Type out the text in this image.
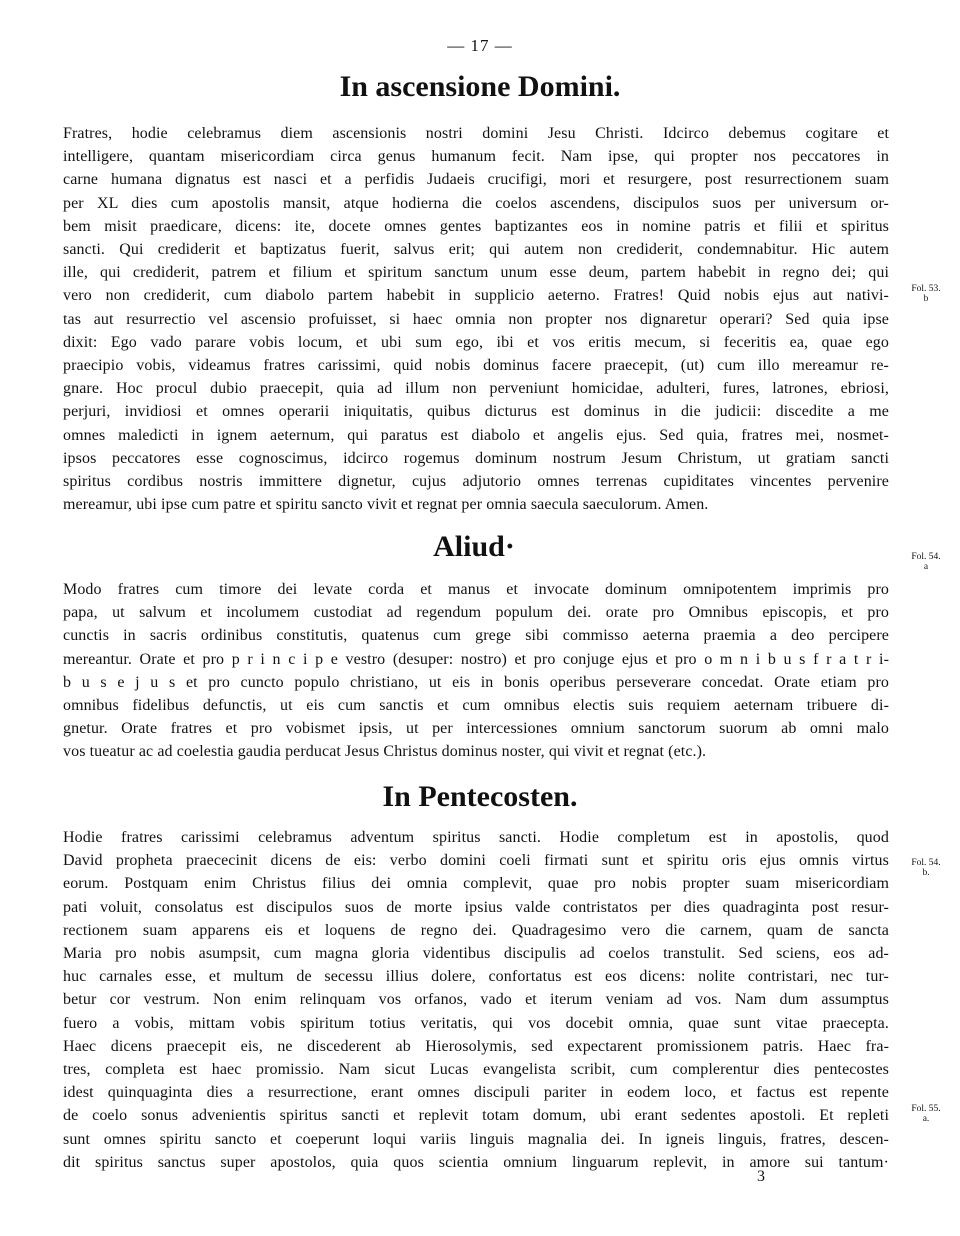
— 17 —
In ascensione Domini.
Fratres, hodie celebramus diem ascensionis nostri domini Jesu Christi. Idcirco debemus cogitare et
intelligere, quantam misericordiam circa genus humanum fecit. Nam ipse, qui propter nos peccatores in
carne humana dignatus est nasci et a perfidis Judaeis crucifigi, mori et resurgere, post resurrectionem suam
per XL dies cum apostolis mansit, atque hodierna die coelos ascendens, discipulos suos per universum or-
bem misit praedicare, dicens: ite, docete omnes gentes baptizantes eos in nomine patris et filii et spiritus
sancti. Qui crediderit et baptizatus fuerit, salvus erit; qui autem non crediderit, condemnabitur. Hic autem
ille, qui crediderit, patrem et filium et spiritum sanctum unum esse deum, partem habebit in regno dei; qui
vero non crediderit, cum diabolo partem habebit in supplicio aeterno. Fratres! Quid nobis ejus aut nativi-
tas aut resurrectio vel ascensio profuisset, si haec omnia non propter nos dignaretur operari? Sed quia ipse
dixit: Ego vado parare vobis locum, et ubi sum ego, ibi et vos eritis mecum, si feceritis ea, quae ego
praecipio vobis, videamus fratres carissimi, quid nobis dominus facere praecepit, (ut) cum illo mereamur re-
gnare. Hoc procul dubio praecepit, quia ad illum non perveniunt homicidae, adulteri, fures, latrones, ebriosi,
perjuri, invidiosi et omnes operarii iniquitatis, quibus dicturus est dominus in die judicii: discedite a me
omnes maledicti in ignem aeternum, qui paratus est diabolo et angelis ejus. Sed quia, fratres mei, nosmet-
ipsos peccatores esse cognoscimus, idcirco rogemus dominum nostrum Jesum Christum, ut gratiam sancti
spiritus cordibus nostris immittere dignetur, cujus adjutorio omnes terrenas cupiditates vincentes pervenire
mereamur, ubi ipse cum patre et spiritu sancto vivit et regnat per omnia saecula saeculorum. Amen.
Aliud·
Modo fratres cum timore dei levate corda et manus et invocate dominum omnipotentem imprimis pro
papa, ut salvum et incolumem custodiat ad regendum populum dei. orate pro Omnibus episcopis, et pro
cunctis in sacris ordinibus constitutis, quatenus cum grege sibi commisso aeterna praemia a deo percipere
mereantur. Orate et pro p r i n c i p e vestro (desuper: nostro) et pro conjuge ejus et pro o m n i b u s f r a t r i-
b u s e j u s et pro cuncto populo christiano, ut eis in bonis operibus perseverare concedat. Orate etiam pro
omnibus fidelibus defunctis, ut eis cum sanctis et cum omnibus electis suis requiem aeternam tribuere di-
gnetur. Orate fratres et pro vobismet ipsis, ut per intercessiones omnium sanctorum suorum ab omni malo
vos tueatur ac ad coelestia gaudia perducat Jesus Christus dominus noster, qui vivit et regnat (etc.).
In Pentecosten.
Hodie fratres carissimi celebramus adventum spiritus sancti. Hodie completum est in apostolis, quod
David propheta praececinit dicens de eis: verbo domini coeli firmati sunt et spiritu oris ejus omnis virtus
eorum. Postquam enim Christus filius dei omnia complevit, quae pro nobis propter suam misericordiam
pati voluit, consolatus est discipulos suos de morte ipsius valde contristatos per dies quadraginta post resur-
rectionem suam apparens eis et loquens de regno dei. Quadragesimo vero die carnem, quam de sancta
Maria pro nobis asumpsit, cum magna gloria videntibus discipulis ad coelos transtulit. Sed sciens, eos ad-
huc carnales esse, et multum de secessu illius dolere, confortatus est eos dicens: nolite contristari, nec tur-
betur cor vestrum. Non enim relinquam vos orfanos, vado et iterum veniam ad vos. Nam dum assumptus
fuero a vobis, mittam vobis spiritum totius veritatis, qui vos docebit omnia, quae sunt vitae praecepta.
Haec dicens praecepit eis, ne discederent ab Hierosolymis, sed expectarent promissionem patris. Haec fra-
tres, completa est haec promissio. Nam sicut Lucas evangelista scribit, cum complerentur dies pentecostes
idest quinquaginta dies a resurrectione, erant omnes discipuli pariter in eodem loco, et factus est repente
de coelo sonus advenientis spiritus sancti et replevit totam domum, ubi erant sedentes apostoli. Et repleti
sunt omnes spiritu sancto et coeperunt loqui variis linguis magnalia dei. In igneis linguis, fratres, descen-
dit spiritus sanctus super apostolos, quia quos scientia omnium linguarum replevit, in amore sui tantum·
Fol. 53.
b
Fol. 54.
a
Fol. 54.
b.
Fol. 55.
a.
3
